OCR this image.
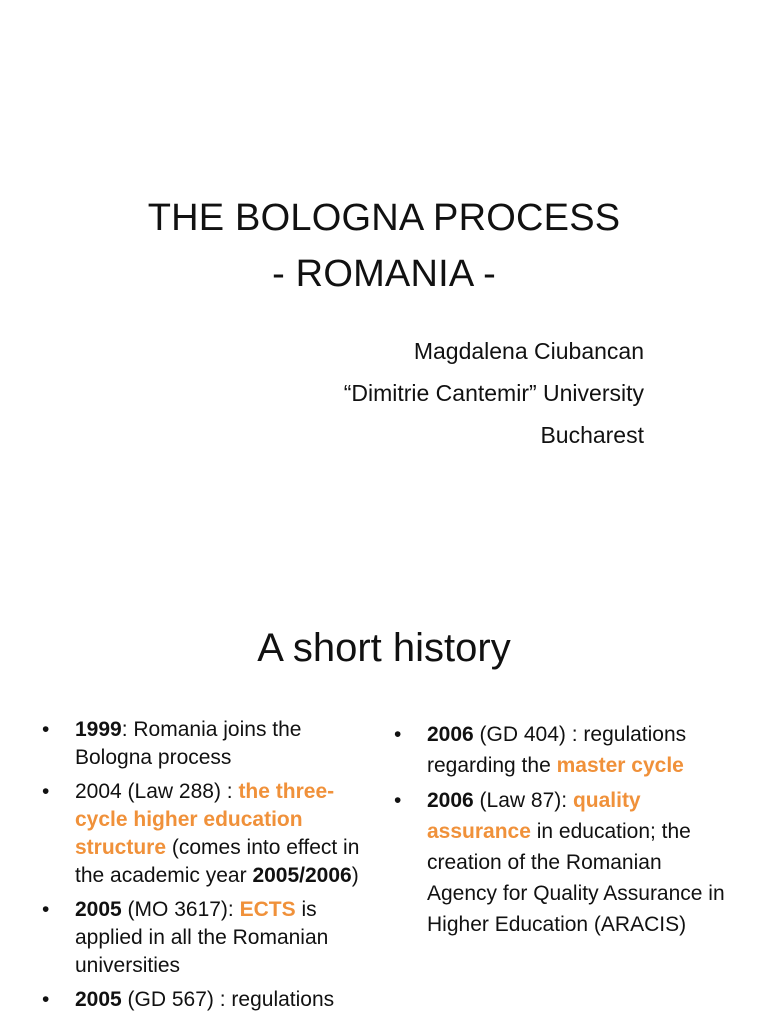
THE BOLOGNA PROCESS
- ROMANIA -
Magdalena Ciubancan
“Dimitrie Cantemir” University
Bucharest
A short history
• 1999: Romania joins the Bologna process
• 2004 (Law 288) : the three-cycle higher education structure (comes into effect in the academic year 2005/2006)
• 2005 (MO 3617): ECTS is applied in all the Romanian universities
• 2005 (GD 567) : regulations
• 2006 (GD 404) : regulations regarding the master cycle
• 2006 (Law 87): quality assurance in education; the creation of the Romanian Agency for Quality Assurance in Higher Education (ARACIS)
